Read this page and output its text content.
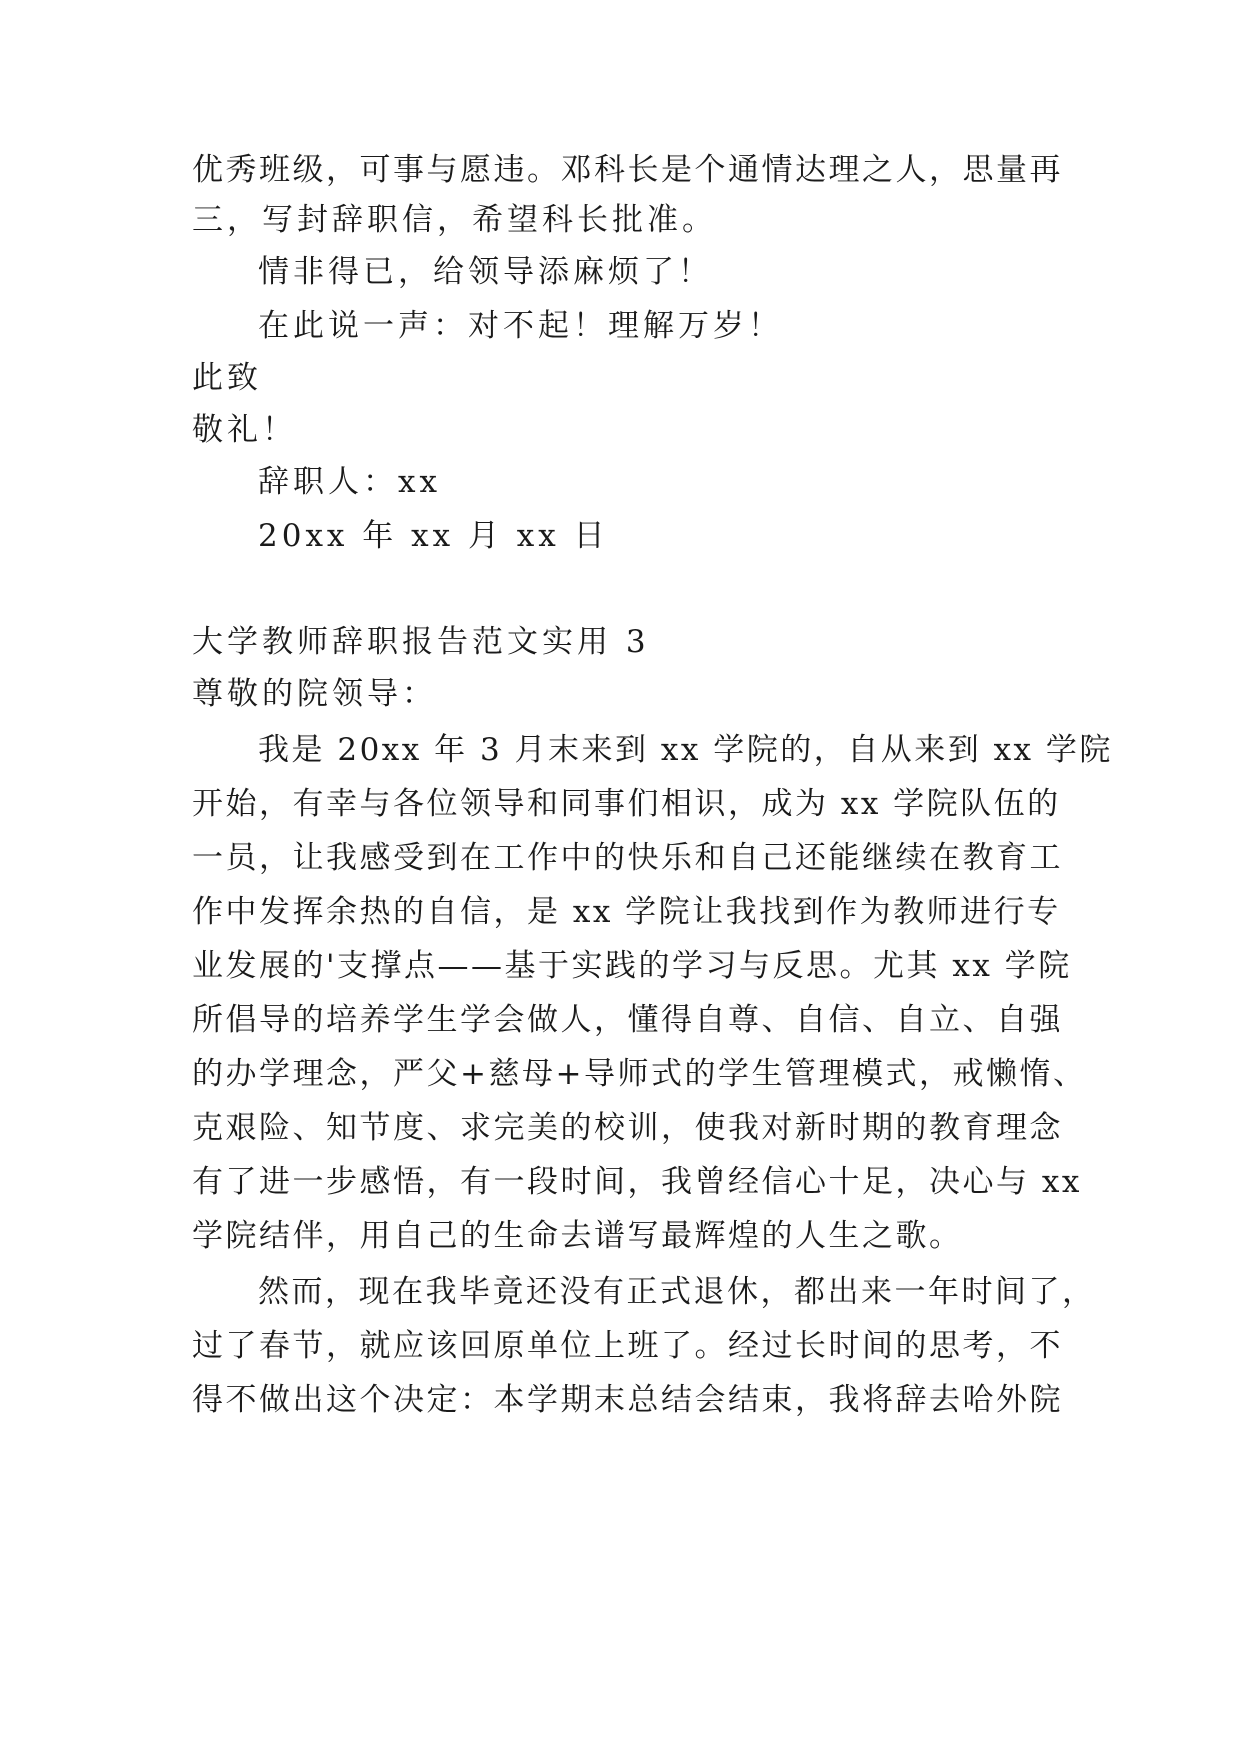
优秀班级，可事与愿违。邓科长是个通情达理之人，思量再
三，写封辞职信，希望科长批准。
情非得已，给领导添麻烦了！
在此说一声：对不起！理解万岁！
此致
敬礼！
辞职人：xx
20xx 年 xx 月 xx 日
大学教师辞职报告范文实用 3
尊敬的院领导：
我是 20xx 年 3 月末来到 xx 学院的，自从来到 xx 学院
开始，有幸与各位领导和同事们相识，成为 xx 学院队伍的
一员，让我感受到在工作中的快乐和自己还能继续在教育工
作中发挥余热的自信，是 xx 学院让我找到作为教师进行专
业发展的'支撑点——基于实践的学习与反思。尤其 xx 学院
所倡导的培养学生学会做人，懂得自尊、自信、自立、自强
的办学理念，严父+慈母+导师式的学生管理模式，戒懒惰、
克艰险、知节度、求完美的校训，使我对新时期的教育理念
有了进一步感悟，有一段时间，我曾经信心十足，决心与 xx
学院结伴，用自己的生命去谱写最辉煌的人生之歌。
然而，现在我毕竟还没有正式退休，都出来一年时间了，
过了春节，就应该回原单位上班了。经过长时间的思考，不
得不做出这个决定：本学期末总结会结束，我将辞去哈外院
